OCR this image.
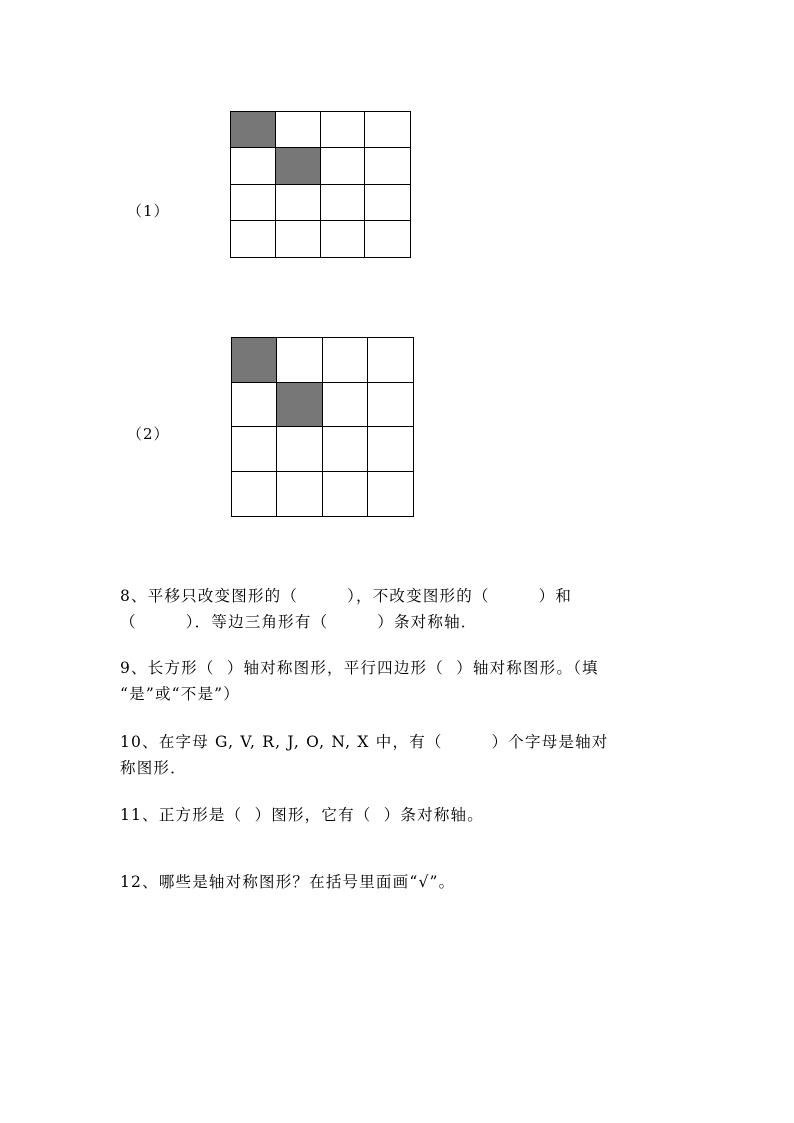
（1）
（2）
8、平移只改变图形的（        ），不改变图形的（        ）和
（        ）．等边三角形有（        ）条对称轴．
9、长方形（  ）轴对称图形，平行四边形（  ）轴对称图形。（填
“是”或“不是”）
10、在字母 G, V, R, J, O, N, X 中，有（        ）个字母是轴对
称图形．
11、正方形是（  ）图形，它有（  ）条对称轴。
12、哪些是轴对称图形？在括号里面画“√”。
